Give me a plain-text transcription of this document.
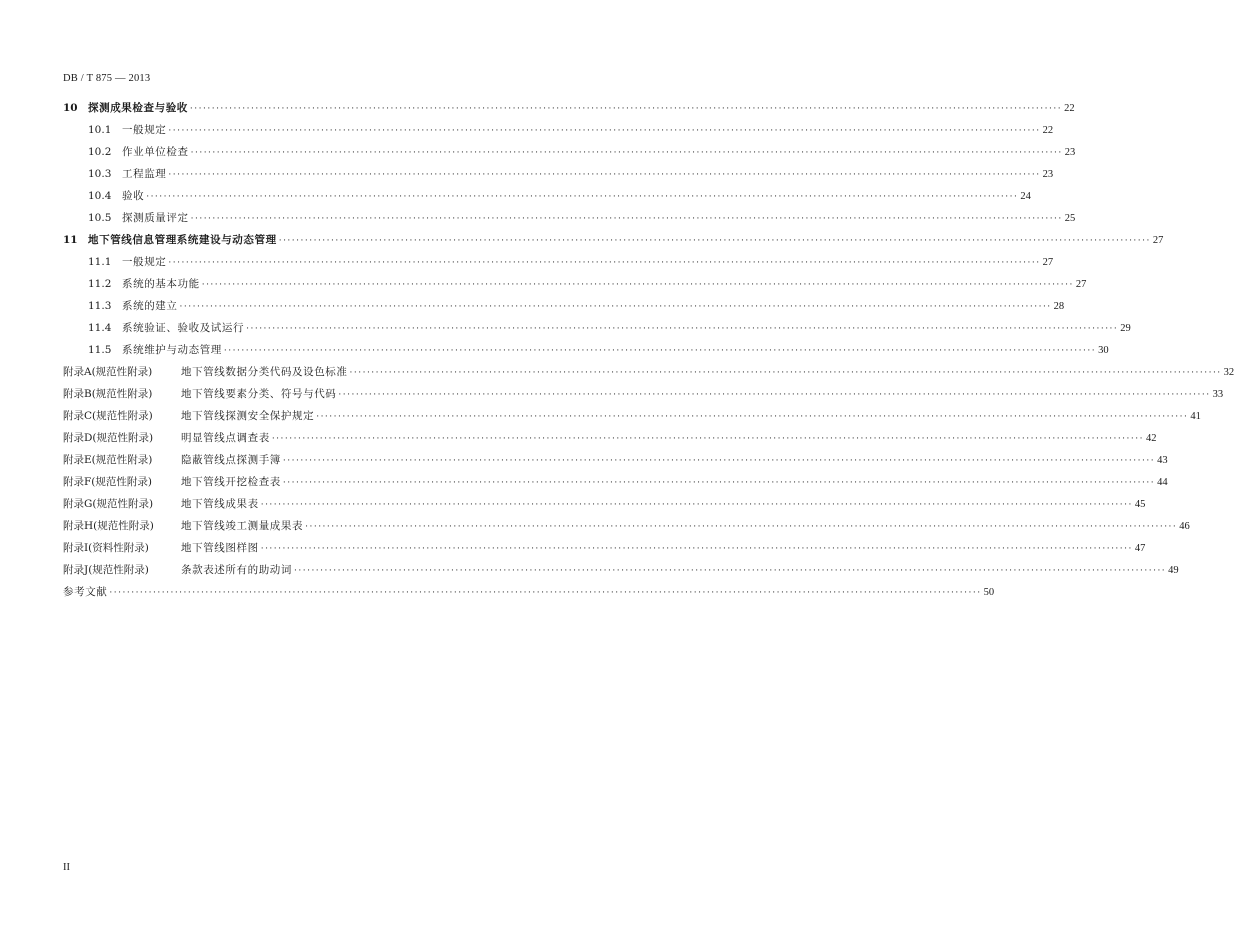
DB / T 875 — 2013
10 探测成果检查与验收 ········································································································································································································ 22
10.1	一般规定 ········································································································································································································ 22
10.2	作业单位检查 ········································································································································································································ 23
10.3	工程监理 ········································································································································································································ 23
10.4	验收 ········································································································································································································ 24
10.5	探测质量评定 ········································································································································································································ 25
11 地下管线信息管理系统建设与动态管理 ········································································································································································································ 27
11.1	一般规定 ········································································································································································································ 27
11.2	系统的基本功能 ········································································································································································································ 27
11.3	系统的建立 ········································································································································································································ 28
11.4	系统验证、验收及试运行 ········································································································································································································ 29
11.5	系统维护与动态管理 ········································································································································································································ 30
附录A(规范性附录)	地下管线数据分类代码及设色标准 ········································································································································································································ 32
附录B(规范性附录)	地下管线要素分类、符号与代码 ········································································································································································································ 33
附录C(规范性附录)	地下管线探测安全保护规定 ········································································································································································································ 41
附录D(规范性附录)	明显管线点调查表 ········································································································································································································ 42
附录E(规范性附录)	隐蔽管线点探测手簿 ········································································································································································································ 43
附录F(规范性附录)	地下管线开挖检查表 ········································································································································································································ 44
附录G(规范性附录)	地下管线成果表 ········································································································································································································ 45
附录H(规范性附录)	地下管线竣工测量成果表 ········································································································································································································ 46
附录I(资料性附录)	地下管线图样图 ········································································································································································································ 47
附录J(规范性附录)	条款表述所有的助动词 ········································································································································································································ 49
参考文献 ········································································································································································································ 50
II
